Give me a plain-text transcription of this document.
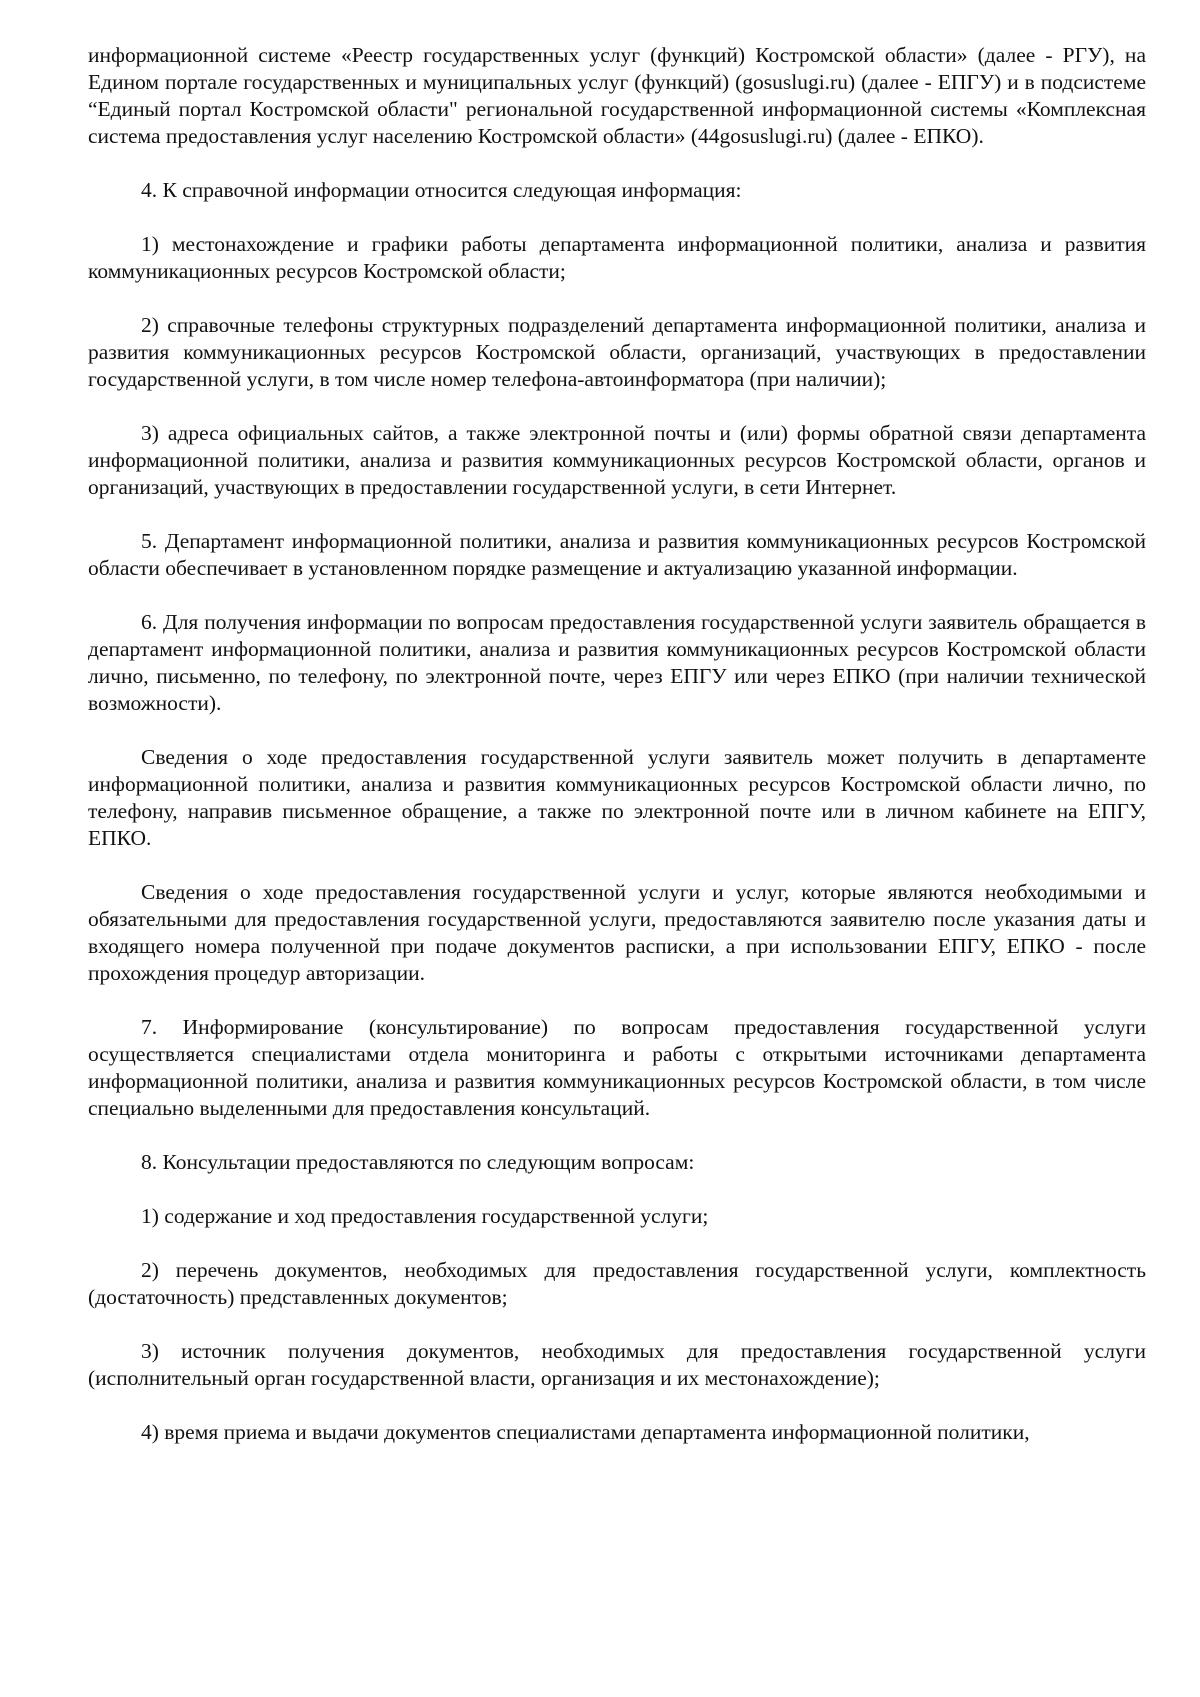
информационной системе «Реестр государственных услуг (функций) Костромской области» (далее - РГУ), на Едином портале государственных и муниципальных услуг (функций) (gosuslugi.ru) (далее - ЕПГУ) и в подсистеме “Единый портал Костромской области" региональной государственной информационной системы «Комплексная система предоставления услуг населению Костромской области» (44gosuslugi.ru) (далее - ЕПКО).

4. К справочной информации относится следующая информация:

1) местонахождение и графики работы департамента информационной политики, анализа и развития коммуникационных ресурсов Костромской области;

2) справочные телефоны структурных подразделений департамента информационной политики, анализа и развития коммуникационных ресурсов Костромской области, организаций, участвующих в предоставлении государственной услуги, в том числе номер телефона-автоинформатора (при наличии);

3) адреса официальных сайтов, а также электронной почты и (или) формы обратной связи департамента информационной политики, анализа и развития коммуникационных ресурсов Костромской области, органов и организаций, участвующих в предоставлении государственной услуги, в сети Интернет.

5. Департамент информационной политики, анализа и развития коммуникационных ресурсов Костромской области обеспечивает в установленном порядке размещение и актуализацию указанной информации.

6. Для получения информации по вопросам предоставления государственной услуги заявитель обращается в департамент информационной политики, анализа и развития коммуникационных ресурсов Костромской области лично, письменно, по телефону, по электронной почте, через ЕПГУ или через ЕПКО (при наличии технической возможности).

Сведения о ходе предоставления государственной услуги заявитель может получить в департаменте информационной политики, анализа и развития коммуникационных ресурсов Костромской области лично, по телефону, направив письменное обращение, а также по электронной почте или в личном кабинете на ЕПГУ, ЕПКО.

Сведения о ходе предоставления государственной услуги и услуг, которые являются необходимыми и обязательными для предоставления государственной услуги, предоставляются заявителю после указания даты и входящего номера полученной при подаче документов расписки, а при использовании ЕПГУ, ЕПКО - после прохождения процедур авторизации.

7. Информирование (консультирование) по вопросам предоставления государственной услуги осуществляется специалистами отдела мониторинга и работы с открытыми источниками департамента информационной политики, анализа и развития коммуникационных ресурсов Костромской области, в том числе специально выделенными для предоставления консультаций.

8. Консультации предоставляются по следующим вопросам:

1) содержание и ход предоставления государственной услуги;

2) перечень документов, необходимых для предоставления государственной услуги, комплектность (достаточность) представленных документов;

3) источник получения документов, необходимых для предоставления государственной услуги (исполнительный орган государственной власти, организация и их местонахождение);

4) время приема и выдачи документов специалистами департамента информационной политики,
